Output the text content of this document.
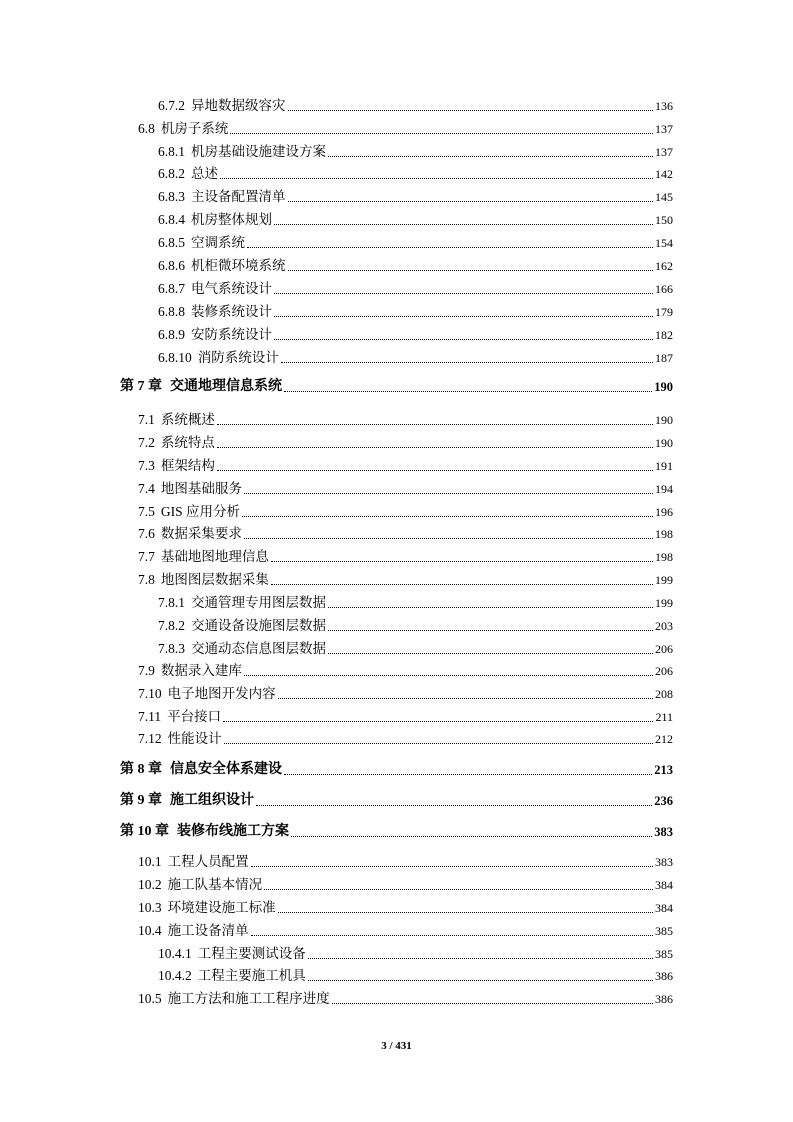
6.7.2 异地数据级容灾	136
6.8 机房子系统	137
6.8.1 机房基础设施建设方案	137
6.8.2 总述	142
6.8.3 主设备配置清单	145
6.8.4 机房整体规划	150
6.8.5 空调系统	154
6.8.6 机柜微环境系统	162
6.8.7 电气系统设计	166
6.8.8 装修系统设计	179
6.8.9 安防系统设计	182
6.8.10 消防系统设计	187
第 7 章 交通地理信息系统	190
7.1 系统概述	190
7.2 系统特点	190
7.3 框架结构	191
7.4 地图基础服务	194
7.5 GIS 应用分析	196
7.6 数据采集要求	198
7.7 基础地图地理信息	198
7.8 地图图层数据采集	199
7.8.1 交通管理专用图层数据	199
7.8.2 交通设备设施图层数据	203
7.8.3 交通动态信息图层数据	206
7.9 数据录入建库	206
7.10 电子地图开发内容	208
7.11 平台接口	211
7.12 性能设计	212
第 8 章 信息安全体系建设	213
第 9 章 施工组织设计	236
第 10 章 装修布线施工方案	383
10.1 工程人员配置	383
10.2 施工队基本情况	384
10.3 环境建设施工标准	384
10.4 施工设备清单	385
10.4.1 工程主要测试设备	385
10.4.2 工程主要施工机具	386
10.5 施工方法和施工工程序进度	386
3 / 431
